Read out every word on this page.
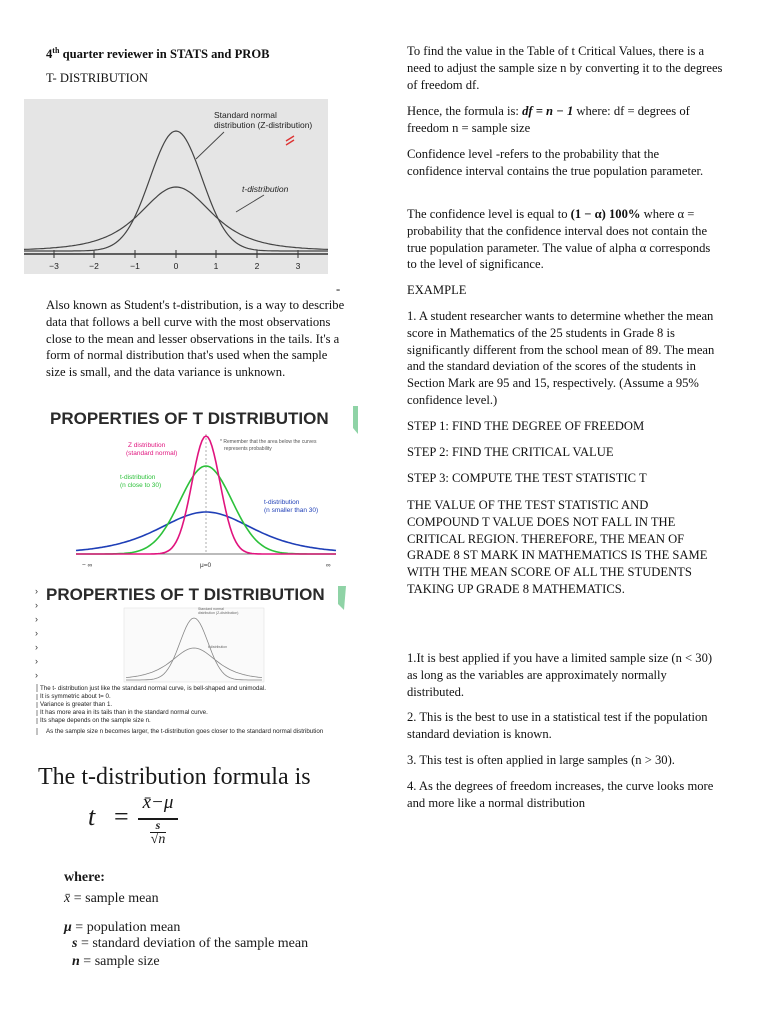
4th quarter reviewer in STATS and PROB
T- DISTRIBUTION
Standard normal
distribution (Z-distribution)
t-distribution
−3	−2	−1	0	1	2	3
-
Also known as Student's t-distribution, is a way to describe data that follows a bell curve with the most observations close to the mean and lesser observations in the tails. It's a form of normal distribution that's used when the sample size is small, and the data variance is unknown.
PROPERTIES OF T DISTRIBUTION
Z distribution
(standard normal)
* Remember that the area below the curves
represents probability
t-distribution
(n close to 30)
t-distribution
(n smaller than 30)
− ∞	μ=0	∞
PROPERTIES OF T DISTRIBUTION
›
›
›
›
›
›
›
Standard normal
distribution (Z-distribution)
t-distribution
The t- distribution just like the standard normal curve, is bell-shaped and unimodal.
It is symmetric about t= 0.
Variance is greater than 1.
It has more area in its tails than in the standard normal curve.
Its shape depends on the sample size n.
As the sample size n becomes larger, the t-distribution goes closer to the standard normal distribution
The t-distribution formula is
t = x̄−μ
s
√n
where:
x̄ = sample mean
μ = population mean
s = standard deviation of the sample mean
n = sample size
To find the value in the Table of t Critical Values, there is a need to adjust the sample size n by converting it to the degrees of freedom df.
Hence, the formula is: df = n − 1 where: df = degrees of freedom n = sample size
Confidence level -refers to the probability that the confidence interval contains the true population parameter.
The confidence level is equal to (1 − α) 100% where α = probability that the confidence interval does not contain the true population parameter. The value of alpha α corresponds to the level of significance.
EXAMPLE
1. A student researcher wants to determine whether the mean score in Mathematics of the 25 students in Grade 8 is significantly different from the school mean of 89. The mean and the standard deviation of the scores of the students in Section Mark are 95 and 15, respectively. (Assume a 95% confidence level.)
STEP 1: FIND THE DEGREE OF FREEDOM
STEP 2: FIND THE CRITICAL VALUE
STEP 3: COMPUTE THE TEST STATISTIC T
THE VALUE OF THE TEST STATISTIC AND COMPOUND T VALUE DOES NOT FALL IN THE CRITICAL REGION. THEREFORE, THE MEAN OF GRADE 8 ST MARK IN MATHEMATICS IS THE SAME WITH THE MEAN SCORE OF ALL THE STUDENTS TAKING UP GRADE 8 MATHEMATICS.
1.It is best applied if you have a limited sample size (n < 30) as long as the variables are approximately normally distributed.
2. This is the best to use in a statistical test if the population standard deviation is known.
3. This test is often applied in large samples (n > 30).
4. As the degrees of freedom increases, the curve looks more and more like a normal distribution
